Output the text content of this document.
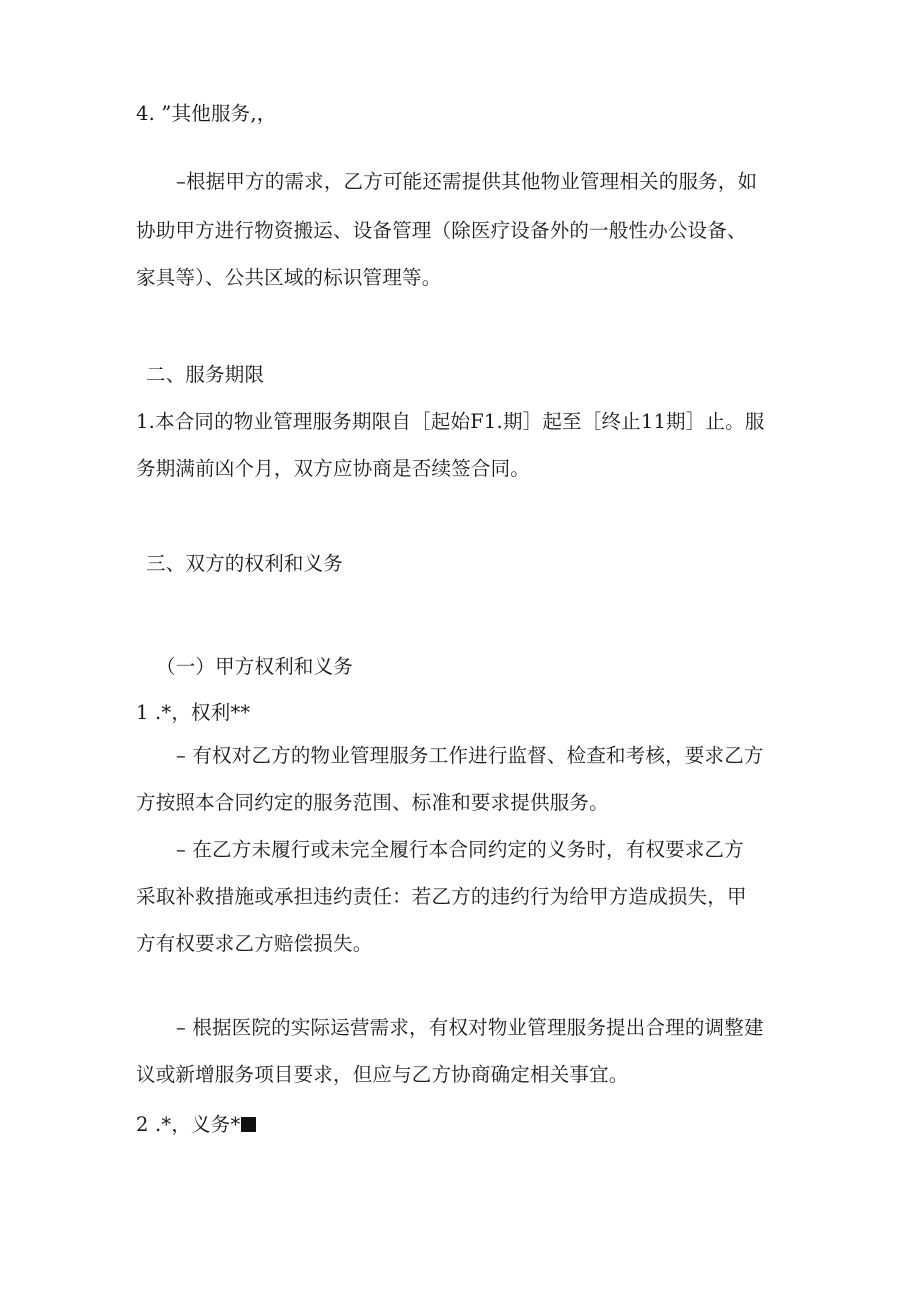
4. ”其他服务,，
–根据甲方的需求，乙方可能还需提供其他物业管理相关的服务，如
协助甲方进行物资搬运、设备管理（除医疗设备外的一般性办公设备、
家具等）、公共区域的标识管理等。
二、服务期限
1.本合同的物业管理服务期限自［起始F1.期］起至［终止11期］止。服
务期满前凶个月，双方应协商是否续签合同。
三、双方的权利和义务
（一）甲方权利和义务
1 .*，权利**
– 有权对乙方的物业管理服务工作进行监督、检查和考核，要求乙方
方按照本合同约定的服务范围、标准和要求提供服务。
– 在乙方未履行或未完全履行本合同约定的义务时，有权要求乙方
采取补救措施或承担违约责任：若乙方的违约行为给甲方造成损失，甲
方有权要求乙方赔偿损失。
– 根据医院的实际运营需求，有权对物业管理服务提出合理的调整建
议或新增服务项目要求，但应与乙方协商确定相关事宜。
2 .*，义务*
